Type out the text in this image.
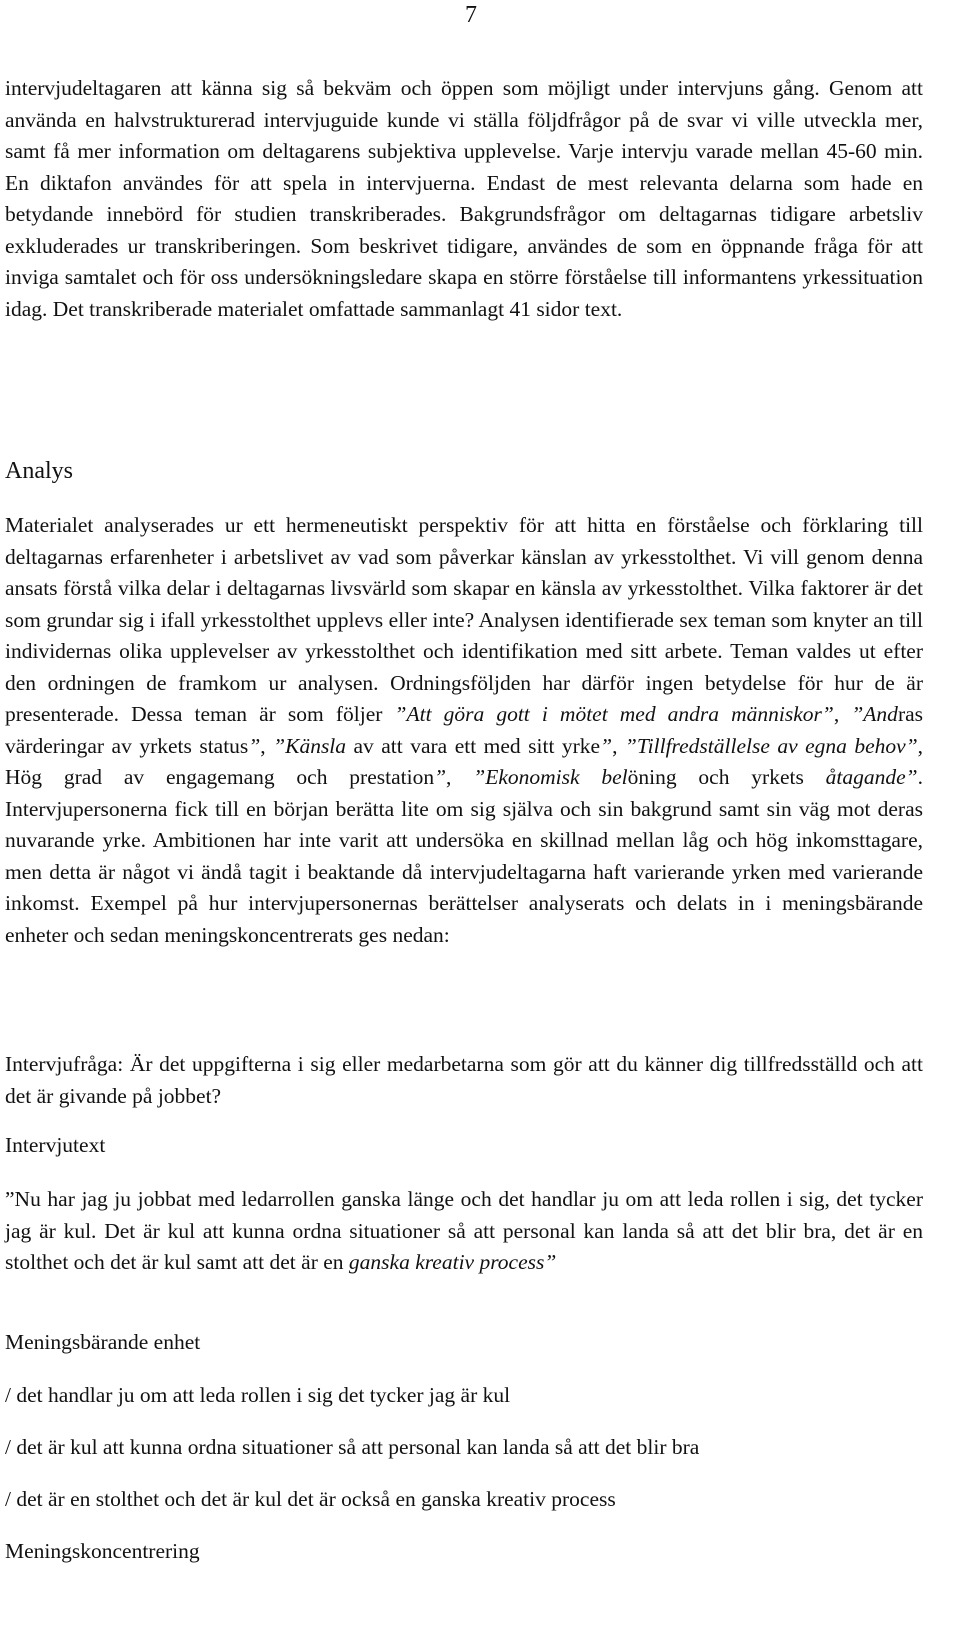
7

intervjudeltagaren att känna sig så bekväm och öppen som möjligt under intervjuns gång. Genom att använda en halvstrukturerad intervjuguide kunde vi ställa följdfrågor på de svar vi ville utveckla mer, samt få mer information om deltagarens subjektiva upplevelse. Varje intervju varade mellan 45-60 min. En diktafon användes för att spela in intervjuerna. Endast de mest relevanta delarna som hade en betydande innebörd för studien transkriberades. Bakgrundsfrågor om deltagarnas tidigare arbetsliv exkluderades ur transkriberingen. Som beskrivet tidigare, användes de som en öppnande fråga för att inviga samtalet och för oss undersökningsledare skapa en större förståelse till informantens yrkessituation idag. Det transkriberade materialet omfattade sammanlagt 41 sidor text.

Analys

Materialet analyserades ur ett hermeneutiskt perspektiv för att hitta en förståelse och förklaring till deltagarnas erfarenheter i arbetslivet av vad som påverkar känslan av yrkesstolthet. Vi vill genom denna ansats förstå vilka delar i deltagarnas livsvärld som skapar en känsla av yrkesstolthet. Vilka faktorer är det som grundar sig i ifall yrkesstolthet upplevs eller inte? Analysen identifierade sex teman som knyter an till individernas olika upplevelser av yrkesstolthet och identifikation med sitt arbete. Teman valdes ut efter den ordningen de framkom ur analysen. Ordningsföljden har därför ingen betydelse för hur de är presenterade. Dessa teman är som följer ”Att göra gott i mötet med andra människor”, ”Andras värderingar av yrkets status”, ”Känsla av att vara ett med sitt yrke”, ”Tillfredställelse av egna behov”, Hög grad av engagemang och prestation”, ”Ekonomisk belöning och yrkets åtagande”. Intervjupersonerna fick till en början berätta lite om sig själva och sin bakgrund samt sin väg mot deras nuvarande yrke. Ambitionen har inte varit att undersöka en skillnad mellan låg och hög inkomsttagare, men detta är något vi ändå tagit i beaktande då intervjudeltagarna haft varierande yrken med varierande inkomst. Exempel på hur intervjupersonernas berättelser analyserats och delats in i meningsbärande enheter och sedan meningskoncentrerats ges nedan:

Intervjufråga: Är det uppgifterna i sig eller medarbetarna som gör att du känner dig tillfredsställd och att det är givande på jobbet?

Intervjutext

”Nu har jag ju jobbat med ledarrollen ganska länge och det handlar ju om att leda rollen i sig, det tycker jag är kul. Det är kul att kunna ordna situationer så att personal kan landa så att det blir bra, det är en stolthet och det är kul samt att det är en ganska kreativ process”

Meningsbärande enhet

/ det handlar ju om att leda rollen i sig det tycker jag är kul

/ det är kul att kunna ordna situationer så att personal kan landa så att det blir bra

/ det är en stolthet och det är kul det är också en ganska kreativ process

Meningskoncentrering
